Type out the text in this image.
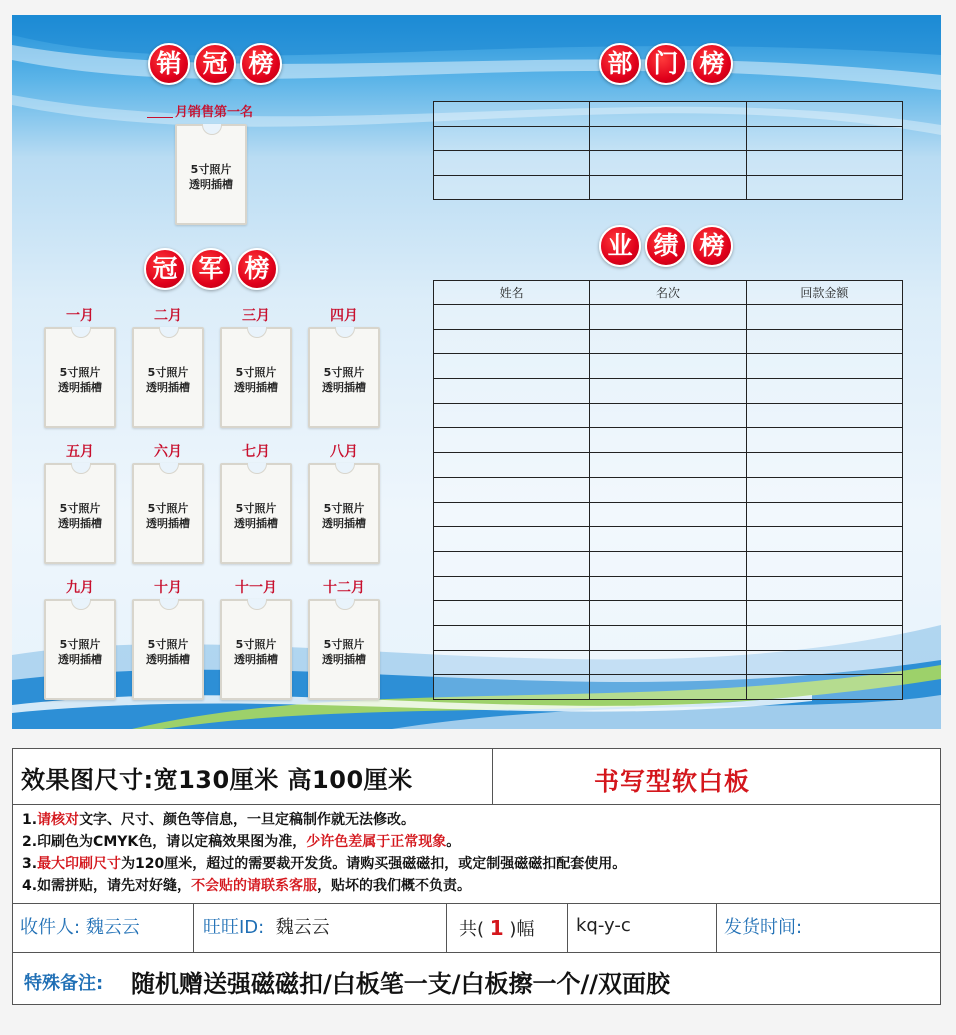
销 冠 榜
月销售第一名
5寸照片
透明插槽
冠 军 榜
一月
5寸照片
透明插槽
二月
5寸照片
透明插槽
三月
5寸照片
透明插槽
四月
5寸照片
透明插槽
五月
5寸照片
透明插槽
六月
5寸照片
透明插槽
七月
5寸照片
透明插槽
八月
5寸照片
透明插槽
九月
5寸照片
透明插槽
十月
5寸照片
透明插槽
十一月
5寸照片
透明插槽
十二月
5寸照片
透明插槽
部 门 榜

业 绩 榜
姓名	名次	回款金额

效果图尺寸:宽130厘米 高100厘米	书写型软白板
1.请核对文字、尺寸、颜色等信息，一旦定稿制作就无法修改。
2.印刷色为CMYK色，请以定稿效果图为准，少许色差属于正常现象。
3.最大印刷尺寸为120厘米，超过的需要裁开发货。请购买强磁磁扣，或定制强磁磁扣配套使用。
4.如需拼贴，请先对好缝，不会贴的请联系客服，贴坏的我们概不负责。
收件人: 魏云云	旺旺ID: 魏云云	共( 1 )幅 kq-y-c	发货时间:
特殊备注: 随机赠送强磁磁扣/白板笔一支/白板擦一个//双面胶
